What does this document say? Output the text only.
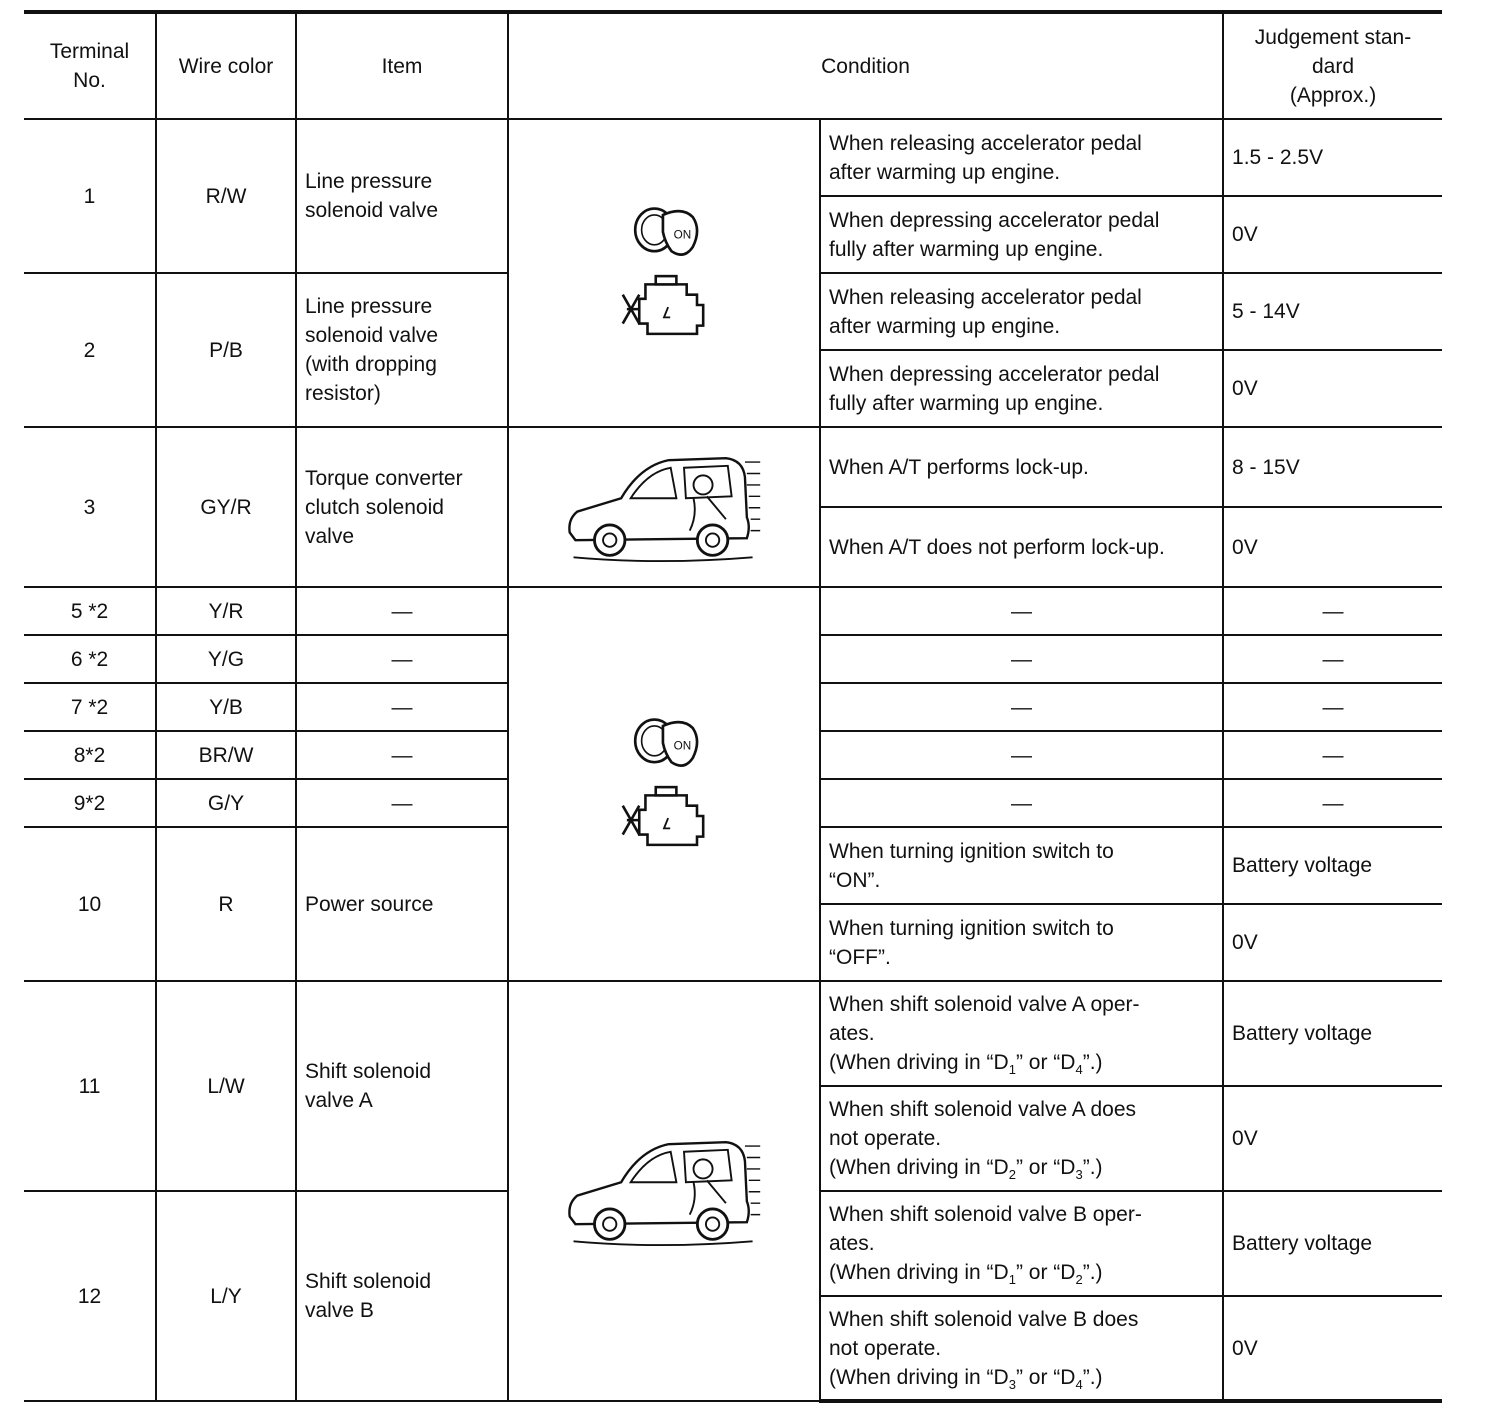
Terminal
No.	Wire color	Item	Condition		Judgement stan-
dard
(Approx.)

1	R/W	Line pressure
solenoid valve		When releasing accelerator pedal
after warming up engine.	1.5 - 2.5V

				When depressing accelerator pedal
fully after warming up engine.	0V
2	P/B	Line pressure
solenoid valve
(with dropping
resistor)		When releasing accelerator pedal
after warming up engine.	5 - 14V

				When depressing accelerator pedal
fully after warming up engine.	0V
3	GY/R	Torque converter
clutch solenoid
valve		When A/T performs lock-up.	8 - 15V

				When A/T does not perform lock-up.	0V
5 *2	Y/R	—		—	—
6 *2	Y/G	—		—	—
7 *2	Y/B	—		—	—
8*2	BR/W	—		—	—
9*2	G/Y	—		—	—
10	R	Power source		When turning ignition switch to
“ON”.	Battery voltage

				When turning ignition switch to
“OFF”.	0V
11	L/W	Shift solenoid
valve A		When shift solenoid valve A oper-
ates.
(When driving in “$D_1$” or “$D_4$”.)	Battery voltage

				When shift solenoid valve A does
not operate.
(When driving in “$D_2$” or “$D_3$”.)	0V
12	L/Y	Shift solenoid
valve B		When shift solenoid valve B oper-
ates.
(When driving in “$D_1$” or “$D_2$”.)	Battery voltage

				When shift solenoid valve B does
not operate.
(When driving in “$D_3$” or “$D_4$”.)	0V
